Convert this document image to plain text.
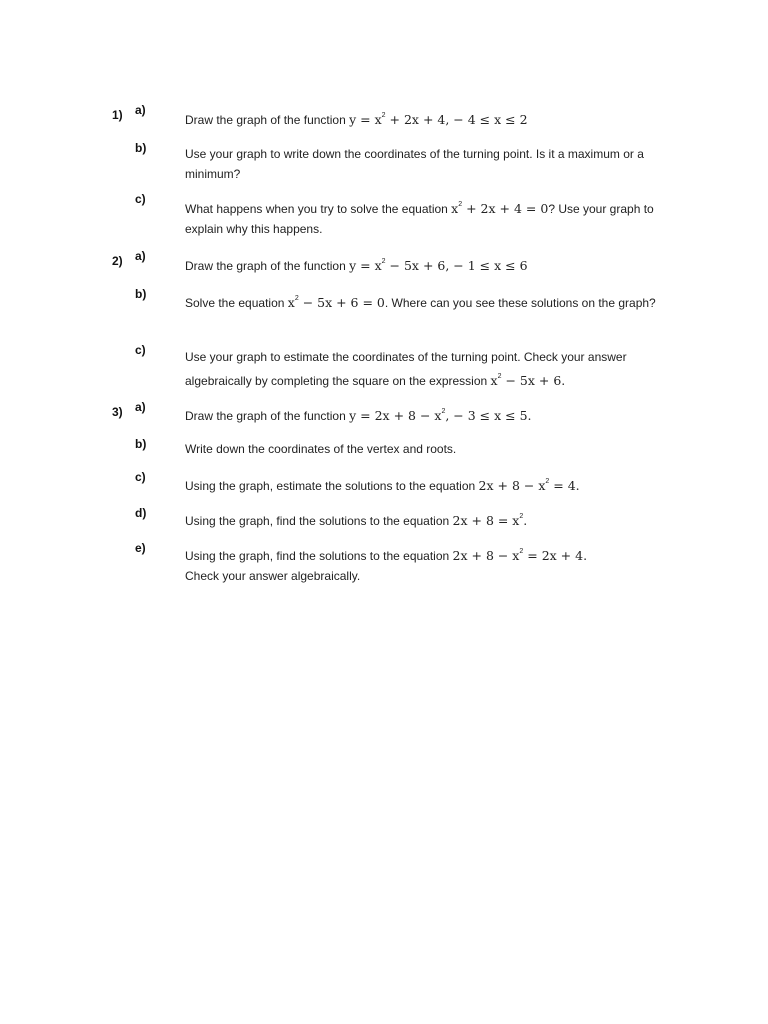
1) a)
Draw the graph of the function $y = x^2 + 2x + 4$, − 4 ≤ x ≤ 2
b)	Use your graph to write down the coordinates of the turning point. Is it a maximum or a minimum?
c)
What happens when you try to solve the equation $x^2 + 2x + 4 = 0$? Use your graph to explain why this happens.
2) a)
Draw the graph of the function $y = x^2 - 5x + 6$, − 1 ≤ x ≤ 6
b)
Solve the equation $x^2 - 5x + 6 = 0$. Where can you see these solutions on the graph?
c)	Use your graph to estimate the coordinates of the turning point. Check your answer algebraically by completing the square on the expression $x^2 - 5x + 6$.
3) a)
Draw the graph of the function $y = 2x + 8 - x^2$, − 3 ≤ x ≤ 5.
b)	Write down the coordinates of the vertex and roots.
c)
Using the graph, estimate the solutions to the equation $2x + 8 - x^2 = 4$.
d)
Using the graph, find the solutions to the equation $2x + 8 = x^2$.
e)
Using the graph, find the solutions to the equation $2x + 8 - x^2 = 2x + 4$.
Check your answer algebraically.
